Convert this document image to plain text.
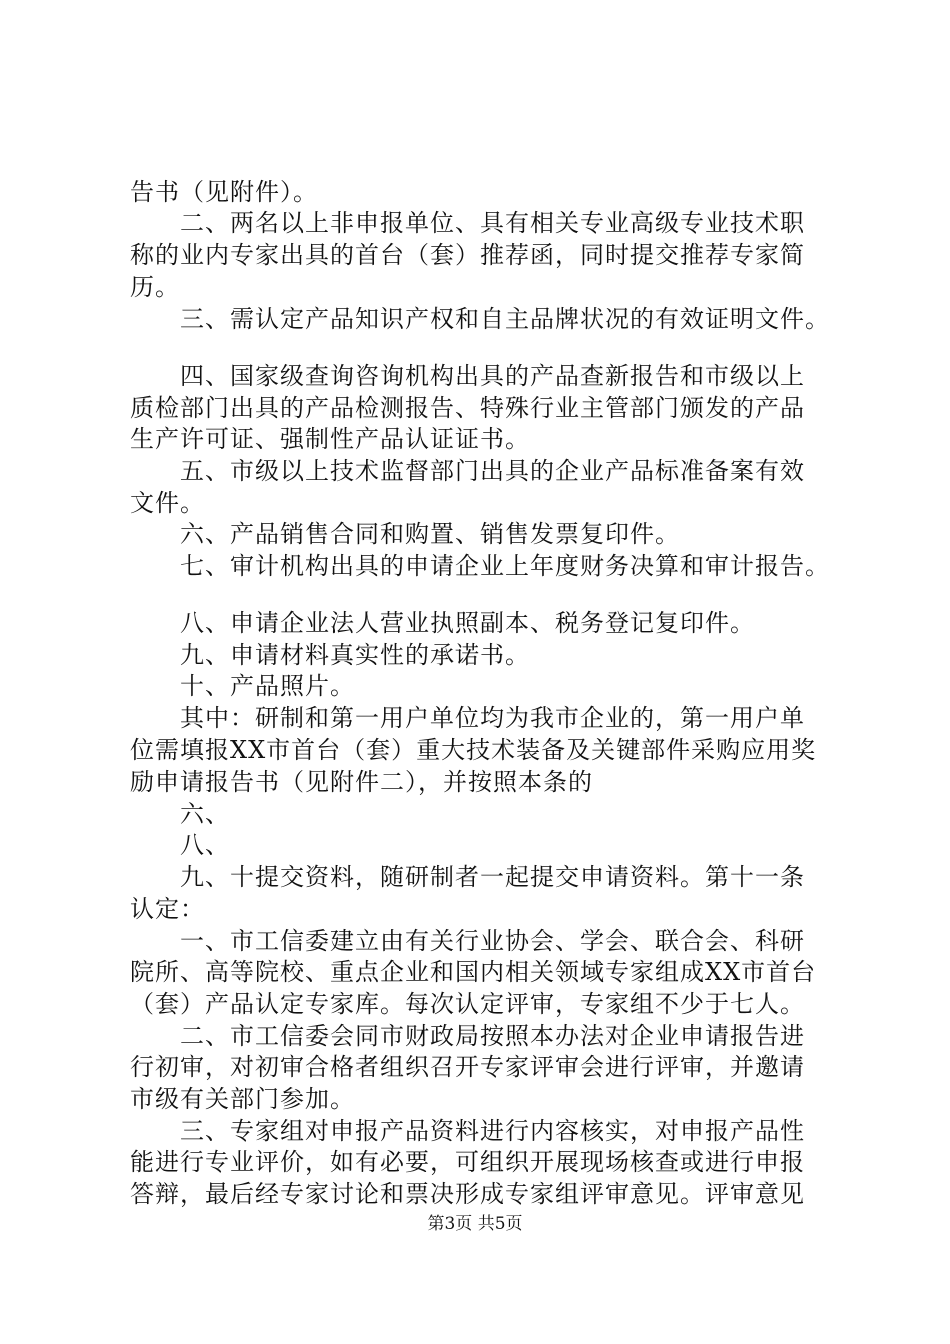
告书（见附件）。
二、两名以上非申报单位、具有相关专业高级专业技术职
称的业内专家出具的首台（套）推荐函，同时提交推荐专家简
历。
三、需认定产品知识产权和自主品牌状况的有效证明文件。
四、国家级查询咨询机构出具的产品查新报告和市级以上
质检部门出具的产品检测报告、特殊行业主管部门颁发的产品
生产许可证、强制性产品认证证书。
五、市级以上技术监督部门出具的企业产品标准备案有效
文件。
六、产品销售合同和购置、销售发票复印件。
七、审计机构出具的申请企业上年度财务决算和审计报告。
八、申请企业法人营业执照副本、税务登记复印件。
九、申请材料真实性的承诺书。
十、产品照片。
其中：研制和第一用户单位均为我市企业的，第一用户单
位需填报XX市首台（套）重大技术装备及关键部件采购应用奖
励申请报告书（见附件二），并按照本条的
六、
八、
九、十提交资料，随研制者一起提交申请资料。第十一条
认定：
一、市工信委建立由有关行业协会、学会、联合会、科研
院所、高等院校、重点企业和国内相关领域专家组成XX市首台
（套）产品认定专家库。每次认定评审，专家组不少于七人。
二、市工信委会同市财政局按照本办法对企业申请报告进
行初审，对初审合格者组织召开专家评审会进行评审，并邀请
市级有关部门参加。
三、专家组对申报产品资料进行内容核实，对申报产品性
能进行专业评价，如有必要，可组织开展现场核查或进行申报
答辩，最后经专家讨论和票决形成专家组评审意见。评审意见
第3页 共5页
